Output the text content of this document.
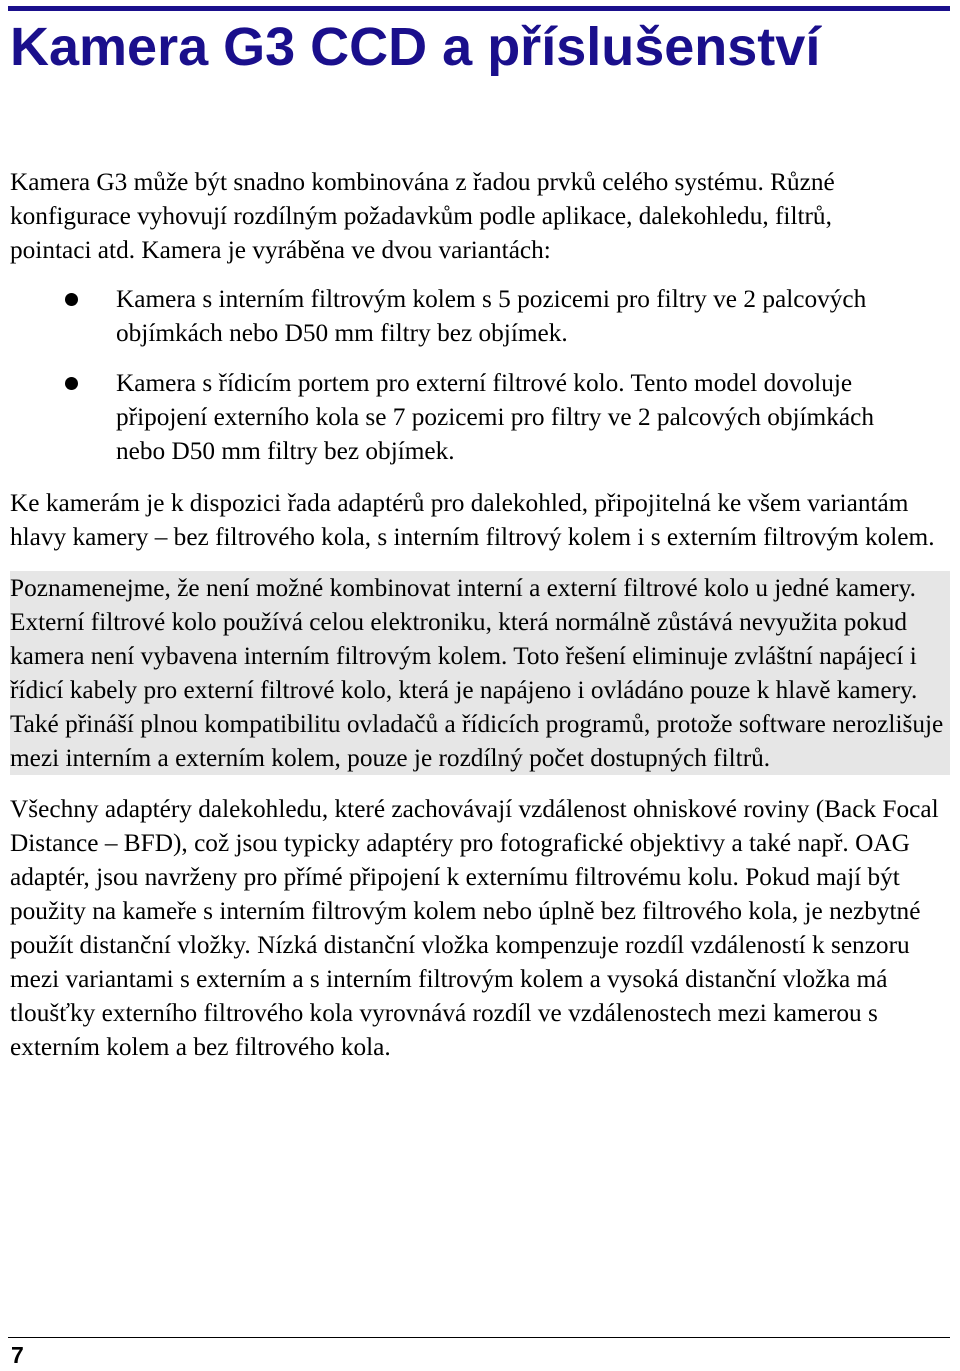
Kamera G3 CCD a příslušenství

Kamera G3 může být snadno kombinována z řadou prvků celého systému. Různé konfigurace vyhovují rozdílným požadavkům podle aplikace, dalekohledu, filtrů, pointaci atd. Kamera je vyráběna ve dvou variantách:

Kamera s interním filtrovým kolem s 5 pozicemi pro filtry ve 2 palcových objímkách nebo D50 mm filtry bez objímek.
Kamera s řídicím portem pro externí filtrové kolo. Tento model dovoluje připojení externího kola se 7 pozicemi pro filtry ve 2 palcových objímkách nebo D50 mm filtry bez objímek.

Ke kamerám je k dispozici řada adaptérů pro dalekohled, připojitelná ke všem variantám hlavy kamery – bez filtrového kola, s interním filtrový kolem i s externím filtrovým kolem.

Poznamenejme, že není možné kombinovat interní a externí filtrové kolo u jedné kamery. Externí filtrové kolo používá celou elektroniku, která normálně zůstává nevyužita pokud kamera není vybavena interním filtrovým kolem. Toto řešení eliminuje zvláštní napájecí i řídicí kabely pro externí filtrové kolo, která je napájeno i ovládáno pouze k hlavě kamery. Také přináší plnou kompatibilitu ovladačů a řídicích programů, protože software nerozlišuje mezi interním a externím kolem, pouze je rozdílný počet dostupných filtrů.

Všechny adaptéry dalekohledu, které zachovávají vzdálenost ohniskové roviny (Back Focal Distance – BFD), což jsou typicky adaptéry pro fotografické objektivy a také např. OAG adaptér, jsou navrženy pro přímé připojení k externímu filtrovému kolu. Pokud mají být použity na kameře s interním filtrovým kolem nebo úplně bez filtrového kola, je nezbytné použít distanční vložky. Nízká distanční vložka kompenzuje rozdíl vzdáleností k senzoru mezi variantami s externím a s interním filtrovým kolem a vysoká distanční vložka má tloušťky externího filtrového kola vyrovnává rozdíl ve vzdálenostech mezi kamerou s externím kolem a bez filtrového kola.

7
